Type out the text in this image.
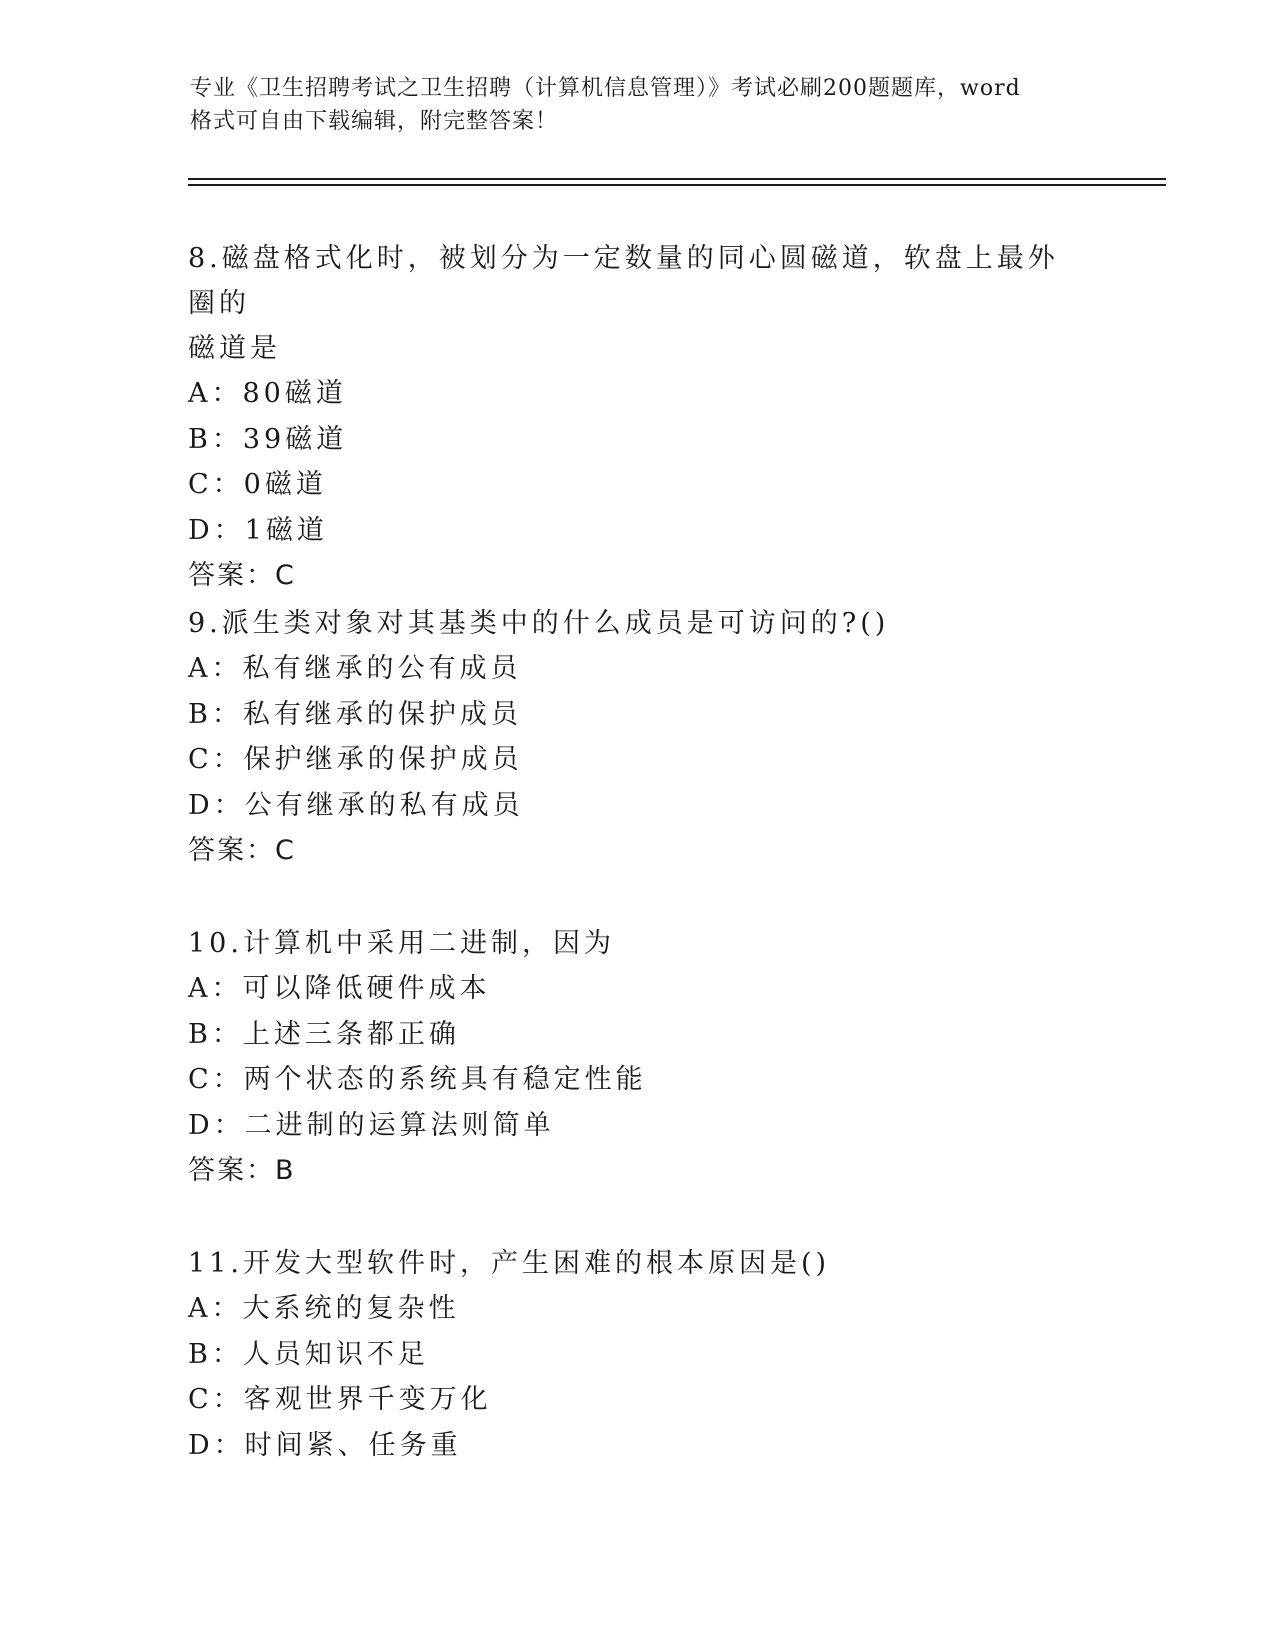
专业《卫生招聘考试之卫生招聘（计算机信息管理）》考试必刷200题题库，word
格式可自由下载编辑，附完整答案！

8.磁盘格式化时，被划分为一定数量的同心圆磁道，软盘上最外圈的

磁道是

A：80磁道

B：39磁道

C：0磁道

D：1磁道

答案：C

9.派生类对象对其基类中的什么成员是可访问的?()

A：私有继承的公有成员

B：私有继承的保护成员

C：保护继承的保护成员

D：公有继承的私有成员

答案：C

10.计算机中采用二进制，因为

A：可以降低硬件成本

B：上述三条都正确

C：两个状态的系统具有稳定性能

D：二进制的运算法则简单

答案：B

11.开发大型软件时，产生困难的根本原因是()

A：大系统的复杂性

B：人员知识不足

C：客观世界千变万化

D：时间紧、任务重
